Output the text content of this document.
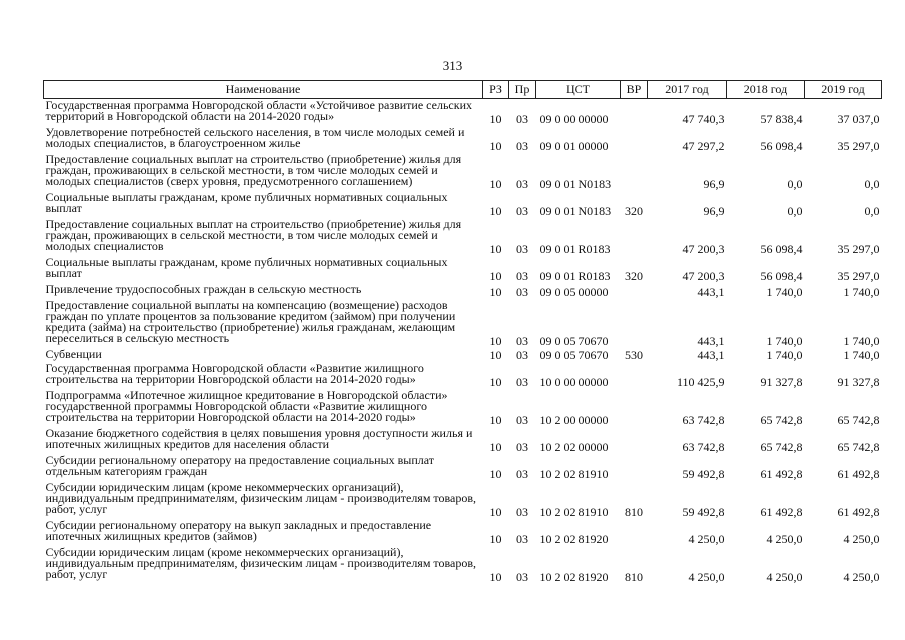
313
Наименование	РЗ	Пр	ЦСТ	ВР	2017 год	2018 год	2019 год
Государственная программа Новгородской области «Устойчивое развитие сельских территорий в Новгородской области на 2014-2020 годы»	10	03	09 0 00 00000		47 740,3	57 838,4	37 037,0
Удовлетворение потребностей сельского населения, в том числе молодых семей и молодых специалистов, в благоустроенном жилье	10	03	09 0 01 00000		47 297,2	56 098,4	35 297,0
Предоставление социальных выплат на строительство (приобретение) жилья для граждан, проживающих в сельской местности, в том числе молодых семей и молодых специалистов (сверх уровня, предусмотренного соглашением)	10	03	09 0 01 N0183		96,9	0,0	0,0
Социальные выплаты гражданам, кроме публичных нормативных социальных выплат	10	03	09 0 01 N0183	320	96,9	0,0	0,0
Предоставление социальных выплат на строительство (приобретение) жилья для граждан, проживающих в сельской местности, в том числе молодых семей и молодых специалистов	10	03	09 0 01 R0183		47 200,3	56 098,4	35 297,0
Социальные выплаты гражданам, кроме публичных нормативных социальных выплат	10	03	09 0 01 R0183	320	47 200,3	56 098,4	35 297,0
Привлечение трудоспособных граждан в сельскую местность	10	03	09 0 05 00000		443,1	1 740,0	1 740,0
Предоставление социальной выплаты на компенсацию (возмещение) расходов граждан по уплате процентов за пользование кредитом (займом) при получении кредита (займа) на строительство (приобретение) жилья гражданам, желающим переселиться в сельскую местность	10	03	09 0 05 70670		443,1	1 740,0	1 740,0
Субвенции	10	03	09 0 05 70670	530	443,1	1 740,0	1 740,0
Государственная программа Новгородской области «Развитие жилищного строительства на территории Новгородской области на 2014-2020 годы»	10	03	10 0 00 00000		110 425,9	91 327,8	91 327,8
Подпрограмма «Ипотечное жилищное кредитование в Новгородской области» государственной программы Новгородской области «Развитие жилищного строительства на территории Новгородской области на 2014-2020 годы»	10	03	10 2 00 00000		63 742,8	65 742,8	65 742,8
Оказание бюджетного содействия в целях повышения уровня доступности жилья и ипотечных жилищных кредитов для населения области	10	03	10 2 02 00000		63 742,8	65 742,8	65 742,8
Субсидии региональному оператору на предоставление социальных выплат отдельным категориям граждан	10	03	10 2 02 81910		59 492,8	61 492,8	61 492,8
Субсидии юридическим лицам (кроме некоммерческих организаций), индивидуальным предпринимателям, физическим лицам - производителям товаров, работ, услуг	10	03	10 2 02 81910	810	59 492,8	61 492,8	61 492,8
Субсидии региональному оператору на выкуп закладных и предоставление ипотечных жилищных кредитов (займов)	10	03	10 2 02 81920		4 250,0	4 250,0	4 250,0
Субсидии юридическим лицам (кроме некоммерческих организаций), индивидуальным предпринимателям, физическим лицам - производителям товаров, работ, услуг	10	03	10 2 02 81920	810	4 250,0	4 250,0	4 250,0
